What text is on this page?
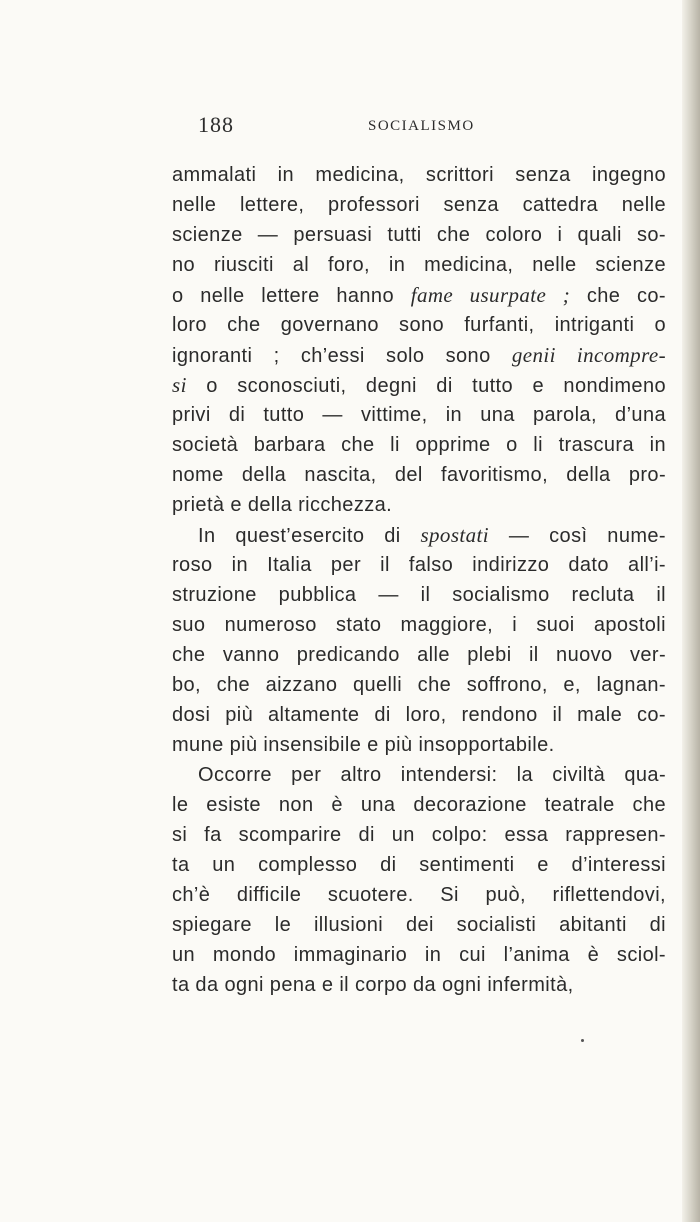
188	SOCIALISMO
ammalati in medicina, scrittori senza ingegno
nelle lettere, professori senza cattedra nelle
scienze — persuasi tutti che coloro i quali so-
no riusciti al foro, in medicina, nelle scienze
o nelle lettere hanno fame usurpate ; che co-
loro che governano sono furfanti, intriganti o
ignoranti ; ch’essi solo sono genii incompre-
si o sconosciuti, degni di tutto e nondimeno
privi di tutto — vittime, in una parola, d’una
società barbara che li opprime o li trascura in
nome della nascita, del favoritismo, della pro-
prietà e della ricchezza.
In quest’esercito di spostati — così nume-
roso in Italia per il falso indirizzo dato all’i-
struzione pubblica — il socialismo recluta il
suo numeroso stato maggiore, i suoi apostoli
che vanno predicando alle plebi il nuovo ver-
bo, che aizzano quelli che soffrono, e, lagnan-
dosi più altamente di loro, rendono il male co-
mune più insensibile e più insopportabile.
Occorre per altro intendersi: la civiltà qua-
le esiste non è una decorazione teatrale che
si fa scomparire di un colpo: essa rappresen-
ta un complesso di sentimenti e d’interessi
ch’è difficile scuotere. Si può, riflettendovi,
spiegare le illusioni dei socialisti abitanti di
un mondo immaginario in cui l’anima è sciol-
ta da ogni pena e il corpo da ogni infermità,
